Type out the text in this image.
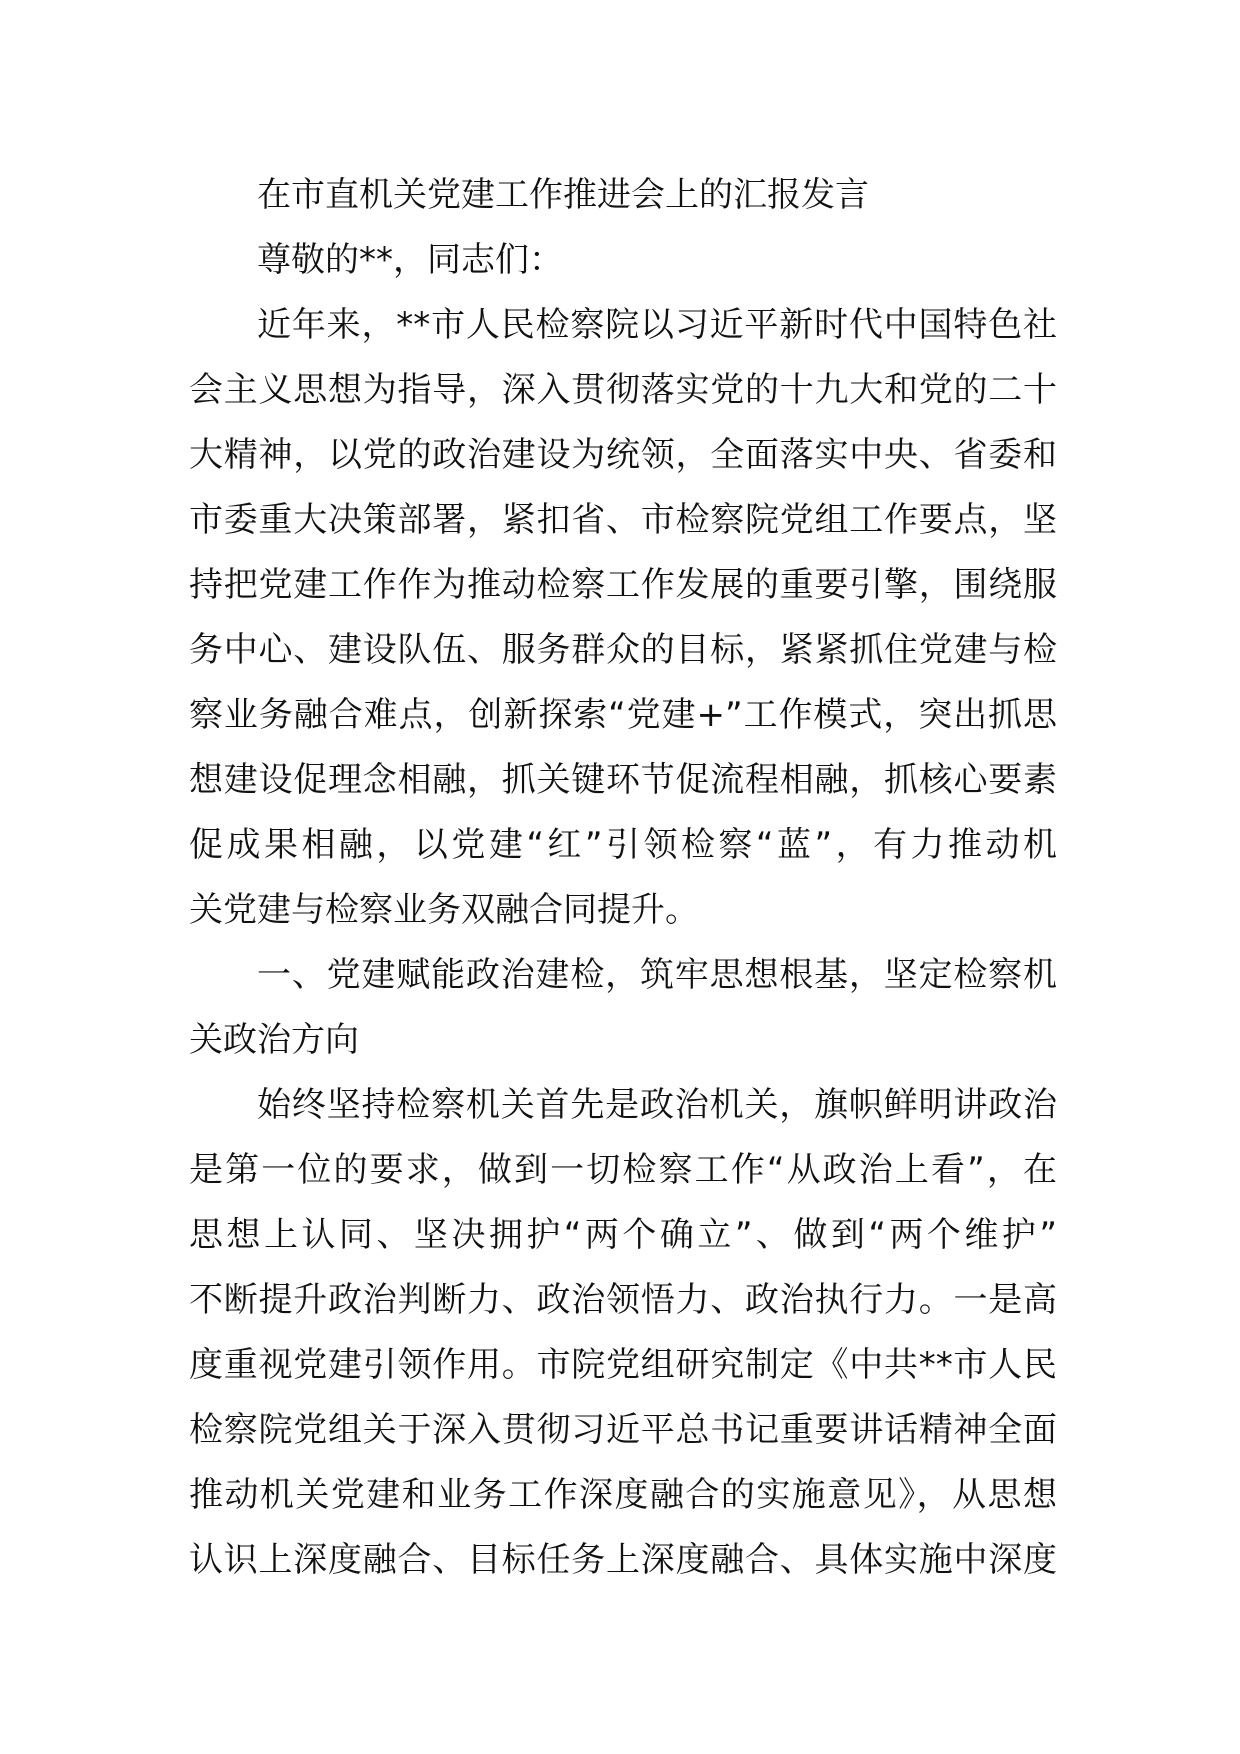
在市直机关党建工作推进会上的汇报发言
尊敬的**，同志们：
近年来，**市人民检察院以习近平新时代中国特色社
会主义思想为指导，深入贯彻落实党的十九大和党的二十
大精神，以党的政治建设为统领，全面落实中央、省委和
市委重大决策部署，紧扣省、市检察院党组工作要点，坚
持把党建工作作为推动检察工作发展的重要引擎，围绕服
务中心、建设队伍、服务群众的目标，紧紧抓住党建与检
察业务融合难点，创新探索“党建+”工作模式，突出抓思
想建设促理念相融，抓关键环节促流程相融，抓核心要素
促成果相融，以党建“红”引领检察“蓝”，有力推动机
关党建与检察业务双融合同提升。
一、党建赋能政治建检，筑牢思想根基，坚定检察机
关政治方向
始终坚持检察机关首先是政治机关，旗帜鲜明讲政治
是第一位的要求，做到一切检察工作“从政治上看”，在
思想上认同、坚决拥护“两个确立”、做到“两个维护”
不断提升政治判断力、政治领悟力、政治执行力。一是高
度重视党建引领作用。市院党组研究制定《中共**市人民
检察院党组关于深入贯彻习近平总书记重要讲话精神全面
推动机关党建和业务工作深度融合的实施意见》，从思想
认识上深度融合、目标任务上深度融合、具体实施中深度
